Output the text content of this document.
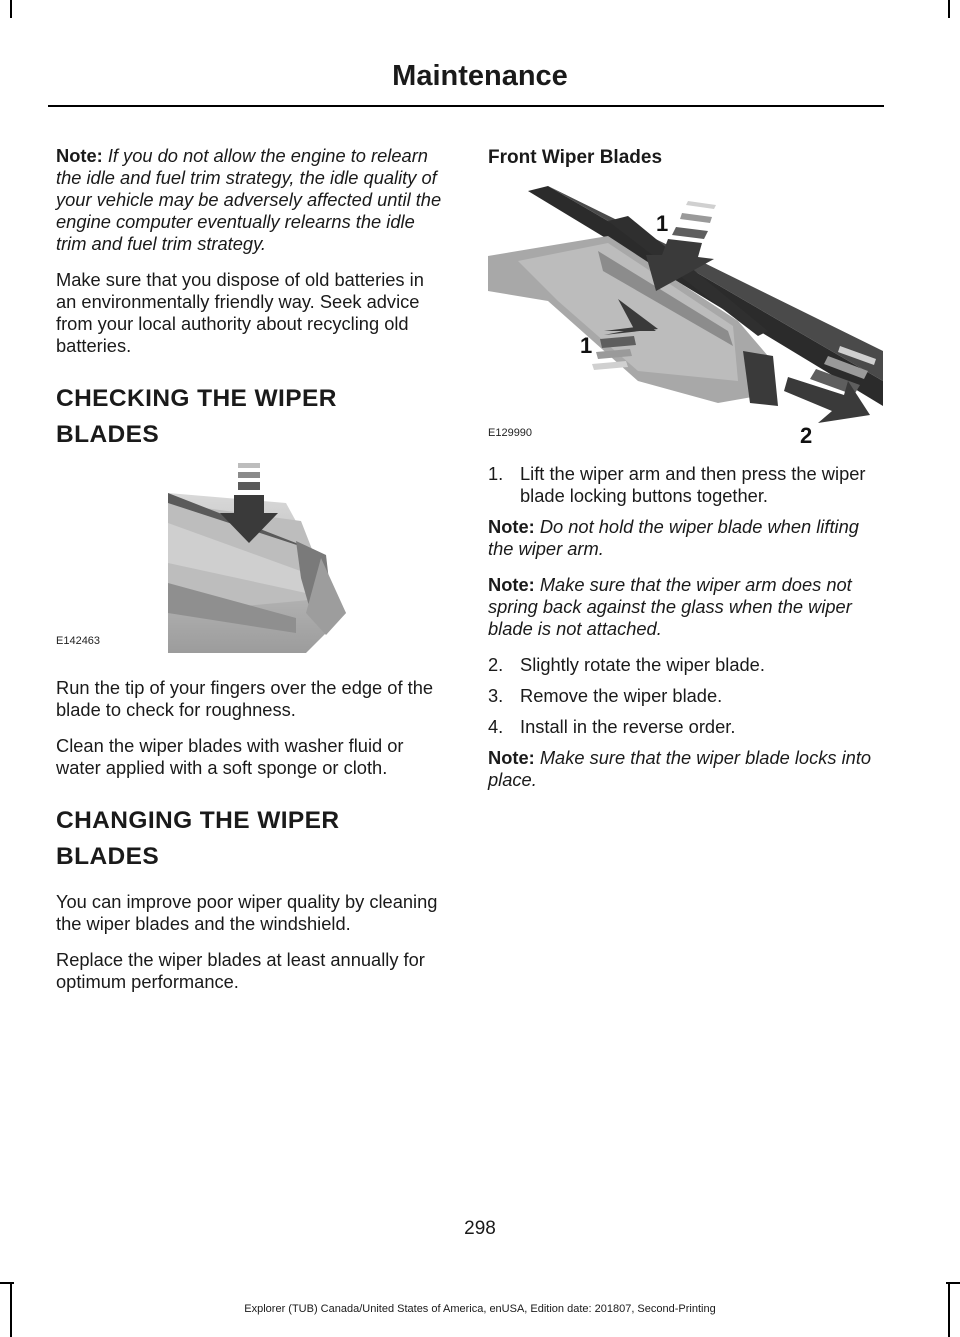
Maintenance

Note: If you do not allow the engine to relearn the idle and fuel trim strategy, the idle quality of your vehicle may be adversely affected until the engine computer eventually relearns the idle trim and fuel trim strategy.

Make sure that you dispose of old batteries in an environmentally friendly way. Seek advice from your local authority about recycling old batteries.

CHECKING THE WIPER
BLADES
E142463

Run the tip of your fingers over the edge of the blade to check for roughness.

Clean the wiper blades with washer fluid or water applied with a soft sponge or cloth.

CHANGING THE WIPER
BLADES

You can improve poor wiper quality by cleaning the wiper blades and the windshield.

Replace the wiper blades at least annually for optimum performance.

Front Wiper Blades
1
1
2
E129990
1. Lift the wiper arm and then press the wiper blade locking buttons together.

Note: Do not hold the wiper blade when lifting the wiper arm.

Note: Make sure that the wiper arm does not spring back against the glass when the wiper blade is not attached.

2. Slightly rotate the wiper blade.
3. Remove the wiper blade.
4. Install in the reverse order.

Note: Make sure that the wiper blade locks into place.

298
Explorer (TUB) Canada/United States of America, enUSA, Edition date: 201807, Second-Printing
